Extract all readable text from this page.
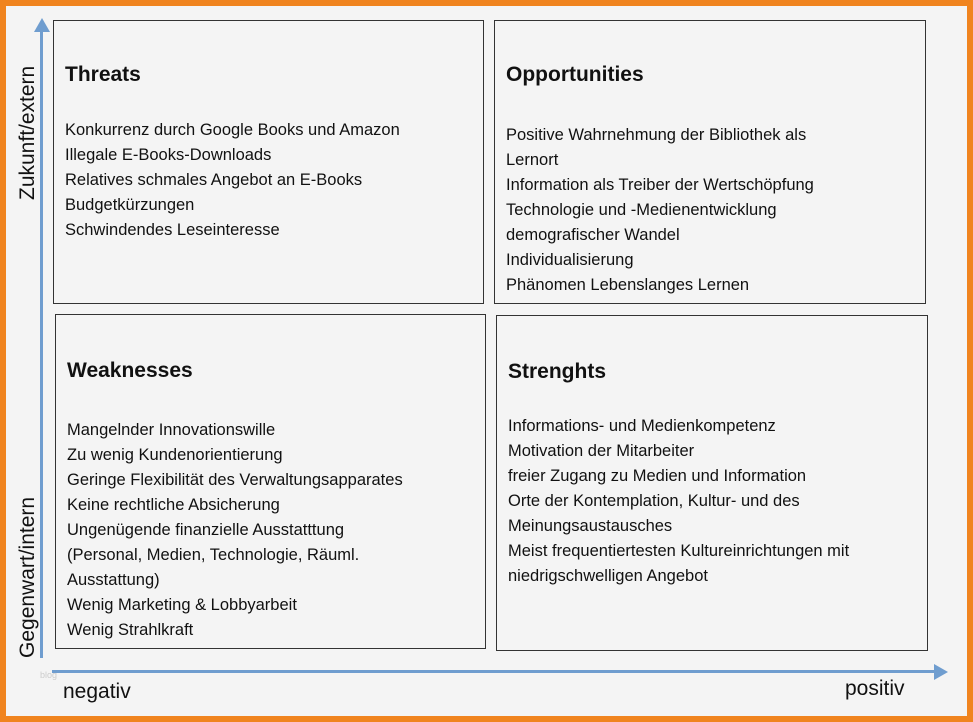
Zukunft/extern
Gegenwart/intern
negativ	positiv
blog
Threats
Konkurrenz durch Google Books und Amazon
Illegale E-Books-Downloads
Relatives schmales Angebot an E-Books
Budgetkürzungen
Schwindendes Leseinteresse
Opportunities
Positive Wahrnehmung der Bibliothek als
Lernort
Information als Treiber der Wertschöpfung
Technologie und -Medienentwicklung
demografischer Wandel
Individualisierung
Phänomen Lebenslanges Lernen
Weaknesses
Mangelnder Innovationswille
Zu wenig Kundenorientierung
Geringe Flexibilität des Verwaltungsapparates
Keine rechtliche Absicherung
Ungenügende finanzielle Ausstatttung
(Personal, Medien, Technologie, Räuml.
Ausstattung)
Wenig Marketing & Lobbyarbeit
Wenig Strahlkraft
Strenghts
Informations- und Medienkompetenz
Motivation der Mitarbeiter
freier Zugang zu Medien und Information
Orte der Kontemplation, Kultur- und des
Meinungsaustausches
Meist frequentiertesten Kultureinrichtungen mit
niedrigschwelligen Angebot
